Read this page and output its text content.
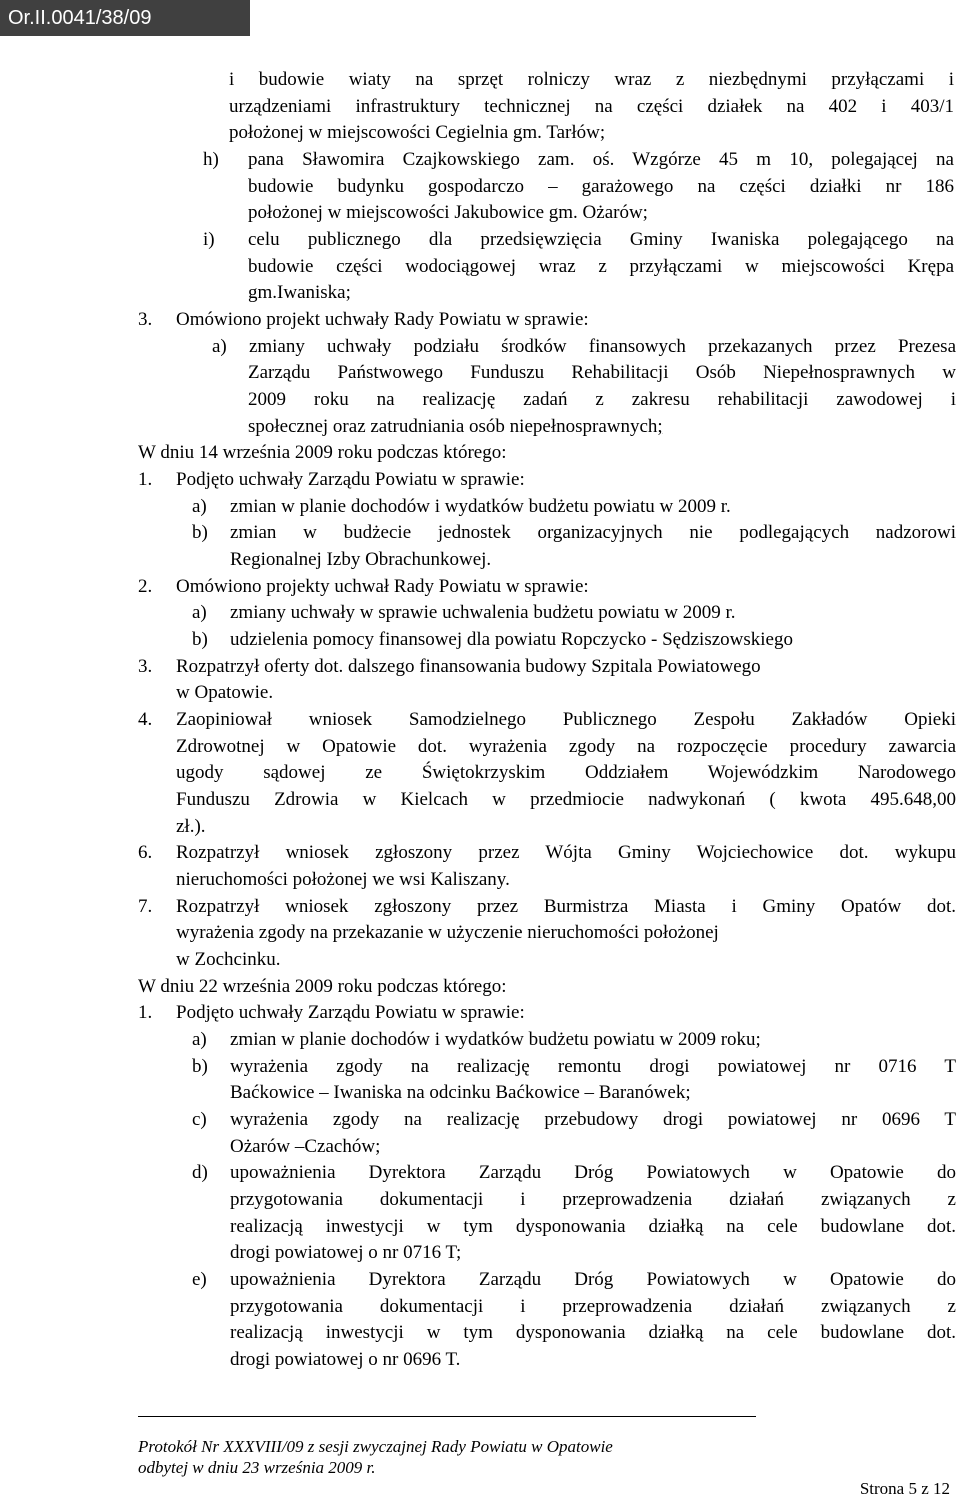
Or.II.0041/38/09
i budowie wiaty na sprzęt rolniczy wraz z niezbędnymi przyłączami i
urządzeniami infrastruktury technicznej na części działek na 402 i 403/1
położonej w miejscowości Cegielnia gm. Tarłów;
h) pana Sławomira Czajkowskiego zam. oś. Wzgórze 45 m 10, polegającej na
budowie budynku gospodarczo – garażowego na części działki nr 186
położonej w miejscowości Jakubowice gm. Ożarów;
i) celu publicznego dla przedsięwzięcia Gminy Iwaniska polegającego na
budowie części wodociągowej wraz z przyłączami w miejscowości Krępa
gm.Iwaniska;
3. Omówiono projekt uchwały Rady Powiatu w sprawie:
a) zmiany uchwały podziału środków finansowych przekazanych przez Prezesa
Zarządu Państwowego Funduszu Rehabilitacji Osób Niepełnosprawnych w
2009 roku na realizację zadań z zakresu rehabilitacji zawodowej i
społecznej oraz zatrudniania osób niepełnosprawnych;
W dniu 14 września 2009 roku podczas którego:
1. Podjęto uchwały Zarządu Powiatu w sprawie:
a) zmian w planie dochodów i wydatków budżetu powiatu w 2009 r.
b) zmian w budżecie jednostek organizacyjnych nie podlegających nadzorowi
Regionalnej Izby Obrachunkowej.
2. Omówiono projekty uchwał Rady Powiatu w sprawie:
a) zmiany uchwały w sprawie uchwalenia budżetu powiatu w 2009 r.
b) udzielenia pomocy finansowej dla powiatu Ropczycko - Sędziszowskiego
3. Rozpatrzył oferty dot. dalszego finansowania budowy Szpitala Powiatowego
w Opatowie.
4. Zaopiniował wniosek Samodzielnego Publicznego Zespołu Zakładów Opieki
Zdrowotnej w Opatowie dot. wyrażenia zgody na rozpoczęcie procedury zawarcia
ugody sądowej ze Świętokrzyskim Oddziałem Wojewódzkim Narodowego
Funduszu Zdrowia w Kielcach w przedmiocie nadwykonań ( kwota 495.648,00
zł.).
6. Rozpatrzył wniosek zgłoszony przez Wójta Gminy Wojciechowice dot. wykupu
nieruchomości położonej we wsi Kaliszany.
7. Rozpatrzył wniosek zgłoszony przez Burmistrza Miasta i Gminy Opatów dot.
wyrażenia zgody na przekazanie w użyczenie nieruchomości położonej
w Zochcinku.
W dniu 22 września 2009 roku podczas którego:
1. Podjęto uchwały Zarządu Powiatu w sprawie:
a) zmian w planie dochodów i wydatków budżetu powiatu w 2009 roku;
b) wyrażenia zgody na realizację remontu drogi powiatowej nr 0716 T
Baćkowice – Iwaniska na odcinku Baćkowice – Baranówek;
c) wyrażenia zgody na realizację przebudowy drogi powiatowej nr 0696 T
Ożarów –Czachów;
d) upoważnienia Dyrektora Zarządu Dróg Powiatowych w Opatowie do
przygotowania dokumentacji i przeprowadzenia działań związanych z
realizacją inwestycji w tym dysponowania działką na cele budowlane dot.
drogi powiatowej o nr 0716 T;
e) upoważnienia Dyrektora Zarządu Dróg Powiatowych w Opatowie do
przygotowania dokumentacji i przeprowadzenia działań związanych z
realizacją inwestycji w tym dysponowania działką na cele budowlane dot.
drogi powiatowej o nr 0696 T.
Protokół Nr XXXVIII/09 z sesji zwyczajnej Rady Powiatu w Opatowie
odbytej w dniu 23 września 2009 r.
Strona 5 z 12
